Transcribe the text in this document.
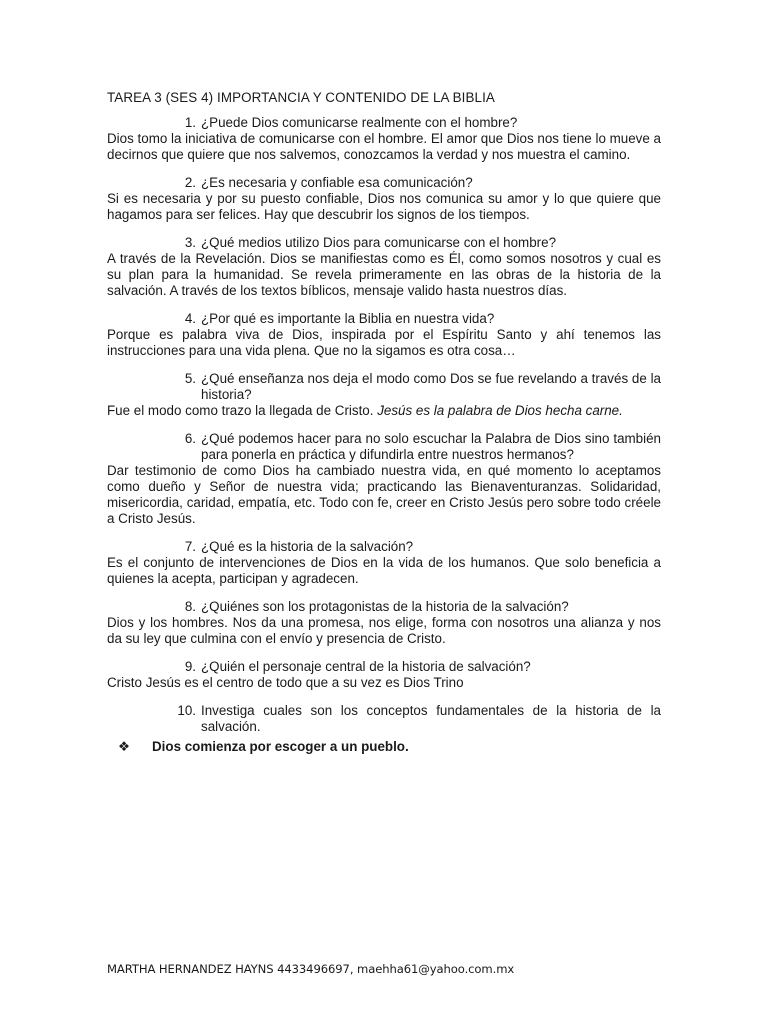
TAREA 3 (SES 4) IMPORTANCIA Y CONTENIDO DE LA BIBLIA
1. ¿Puede Dios comunicarse realmente con el hombre?
Dios tomo la iniciativa de comunicarse con el hombre. El amor que Dios nos tiene lo mueve a decirnos que quiere que nos salvemos, conozcamos la verdad y nos muestra el camino.
2. ¿Es necesaria y confiable esa comunicación?
Si es necesaria y por su puesto confiable, Dios nos comunica su amor y lo que quiere que hagamos para ser felices. Hay que descubrir los signos de los tiempos.
3. ¿Qué medios utilizo Dios para comunicarse con el hombre?
A través de la Revelación. Dios se manifiestas como es Él, como somos nosotros y cual es su plan para la humanidad. Se revela primeramente en las obras de la historia de la salvación. A través de los textos bíblicos, mensaje valido hasta nuestros días.
4. ¿Por qué es importante la Biblia en nuestra vida?
Porque es palabra viva de Dios, inspirada por el Espíritu Santo y ahí tenemos las instrucciones para una vida plena. Que no la sigamos es otra cosa…
5. ¿Qué enseñanza nos deja el modo como Dos se fue revelando a través de la historia?
Fue el modo como trazo la llegada de Cristo. Jesús es la palabra de Dios hecha carne.
6. ¿Qué podemos hacer para no solo escuchar la Palabra de Dios sino también para ponerla en práctica y difundirla entre nuestros hermanos?
Dar testimonio de como Dios ha cambiado nuestra vida, en qué momento lo aceptamos como dueño y Señor de nuestra vida; practicando las Bienaventuranzas. Solidaridad, misericordia, caridad, empatía, etc. Todo con fe, creer en Cristo Jesús pero sobre todo créele a Cristo Jesús.
7. ¿Qué es la historia de la salvación?
Es el conjunto de intervenciones de Dios en la vida de los humanos. Que solo beneficia a quienes la acepta, participan y agradecen.
8. ¿Quiénes son los protagonistas de la historia de la salvación?
Dios y los hombres. Nos da una promesa, nos elige, forma con nosotros una alianza y nos da su ley que culmina con el envío y presencia de Cristo.
9. ¿Quién el personaje central de la historia de salvación?
Cristo Jesús es el centro de todo que a su vez es Dios Trino
10. Investiga cuales son los conceptos fundamentales de la historia de la salvación.
❖	Dios comienza por escoger a un pueblo.
MARTHA HERNANDEZ HAYNS 4433496697, maehha61@yahoo.com.mx
